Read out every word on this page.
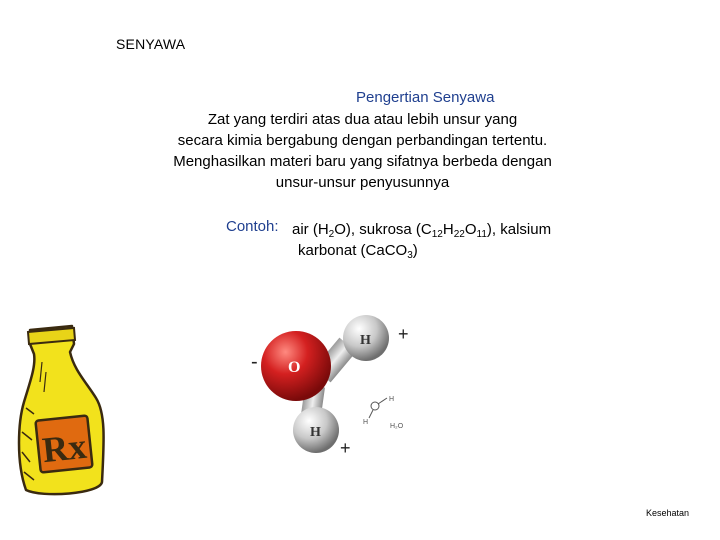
SENYAWA
Pengertian Senyawa
Zat yang terdiri atas dua atau lebih unsur yang
secara kimia bergabung dengan perbandingan tertentu.
Menghasilkan materi baru yang sifatnya berbeda dengan
unsur-unsur penyusunnya
Contoh: air $(H_2O)$, sukrosa $(C_{12}H_{22}O_{11})$, kalsium
karbonat (CaCO$_3$)
Rx
O
H
H
+
+
-
H
H
H₂O
Kesehatan
